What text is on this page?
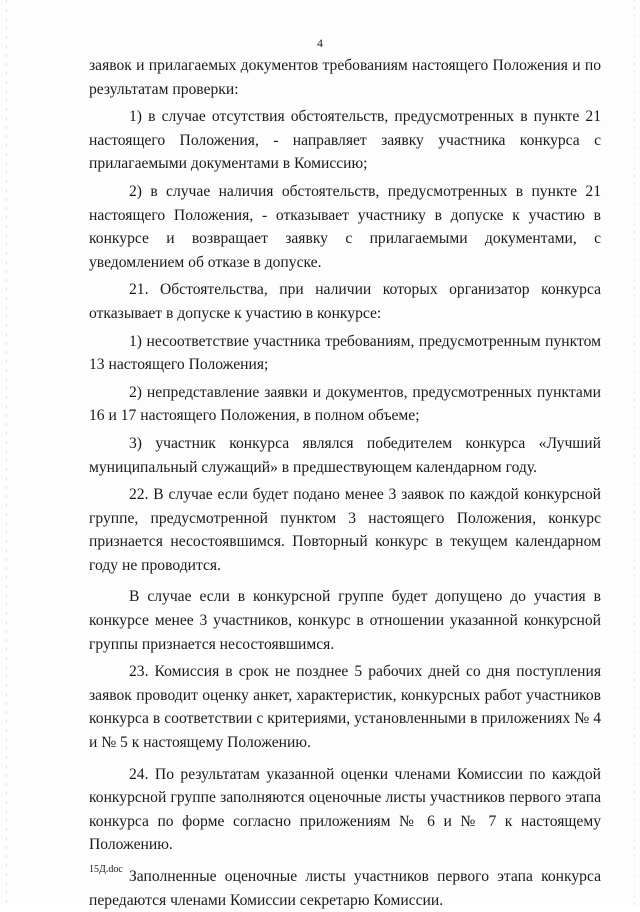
4

заявок и прилагаемых документов требованиям настоящего Положения и по результатам проверки:

1) в случае отсутствия обстоятельств, предусмотренных в пункте 21 настоящего Положения, - направляет заявку участника конкурса с прилагаемыми документами в Комиссию;

2) в случае наличия обстоятельств, предусмотренных в пункте 21 настоящего Положения, - отказывает участнику в допуске к участию в конкурсе и возвращает заявку с прилагаемыми документами, с уведомлением об отказе в допуске.

21. Обстоятельства, при наличии которых организатор конкурса отказывает в допуске к участию в конкурсе:

1) несоответствие участника требованиям, предусмотренным пунктом 13 настоящего Положения;

2) непредставление заявки и документов, предусмотренных пунктами 16 и 17 настоящего Положения, в полном объеме;

3) участник конкурса являлся победителем конкурса «Лучший муниципальный служащий» в предшествующем календарном году.

22. В случае если будет подано менее 3 заявок по каждой конкурсной группе, предусмотренной пунктом 3 настоящего Положения, конкурс признается несостоявшимся. Повторный конкурс в текущем календарном году не проводится.

В случае если в конкурсной группе будет допущено до участия в конкурсе менее 3 участников, конкурс в отношении указанной конкурсной группы признается несостоявшимся.

23. Комиссия в срок не позднее 5 рабочих дней со дня поступления заявок проводит оценку анкет, характеристик, конкурсных работ участников конкурса в соответствии с критериями, установленными в приложениях № 4 и № 5 к настоящему Положению.

24. По результатам указанной оценки членами Комиссии по каждой конкурсной группе заполняются оценочные листы участников первого этапа конкурса по форме согласно приложениям № 6 и № 7 к настоящему Положению.

Заполненные оценочные листы участников первого этапа конкурса передаются членами Комиссии секретарю Комиссии.

15Д.doc
